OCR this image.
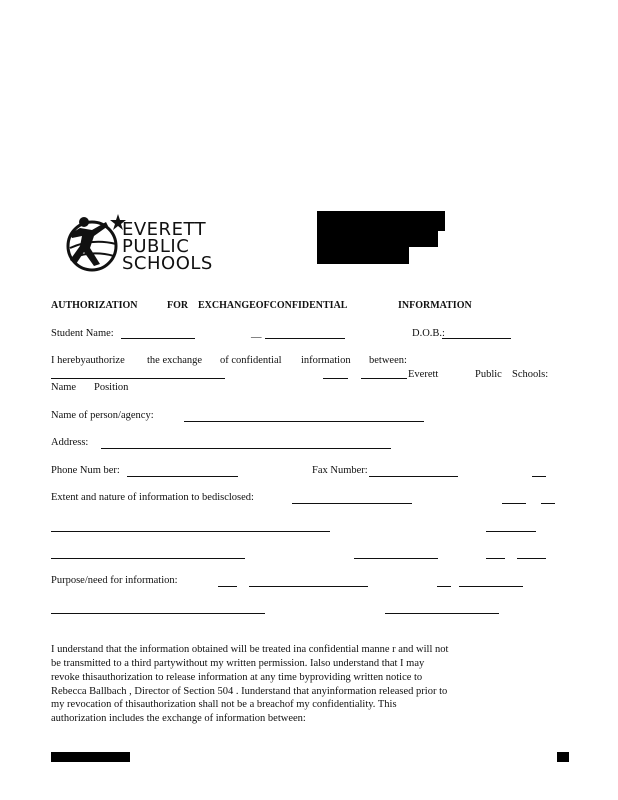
EVERETT
PUBLIC
SCHOOLS
AUTHORIZATION	FOR EXCHANGEOFCONFIDENTIAL	INFORMATION
Student Name:	__	D.O.B.:
I herebyauthorize the exchange of confidential information between:
Everett	Public Schools:
Name Position
Name of person/agency:
Address:
Phone Num ber:	Fax Number:
Extent and nature of information to bedisclosed:
Purpose/need for information:
I understand that the information obtained will be treated ina confidential manne r and will not
be transmitted to a third partywithout my written permission. Ialso understand that I may
revoke thisauthorization to release information at any time byproviding written notice to
Rebecca Ballbach , Director of Section 504 . Iunderstand that anyinformation released prior to
my revocation of thisauthorization shall not be a breachof my confidentiality. This
authorization includes the exchange of information between:
